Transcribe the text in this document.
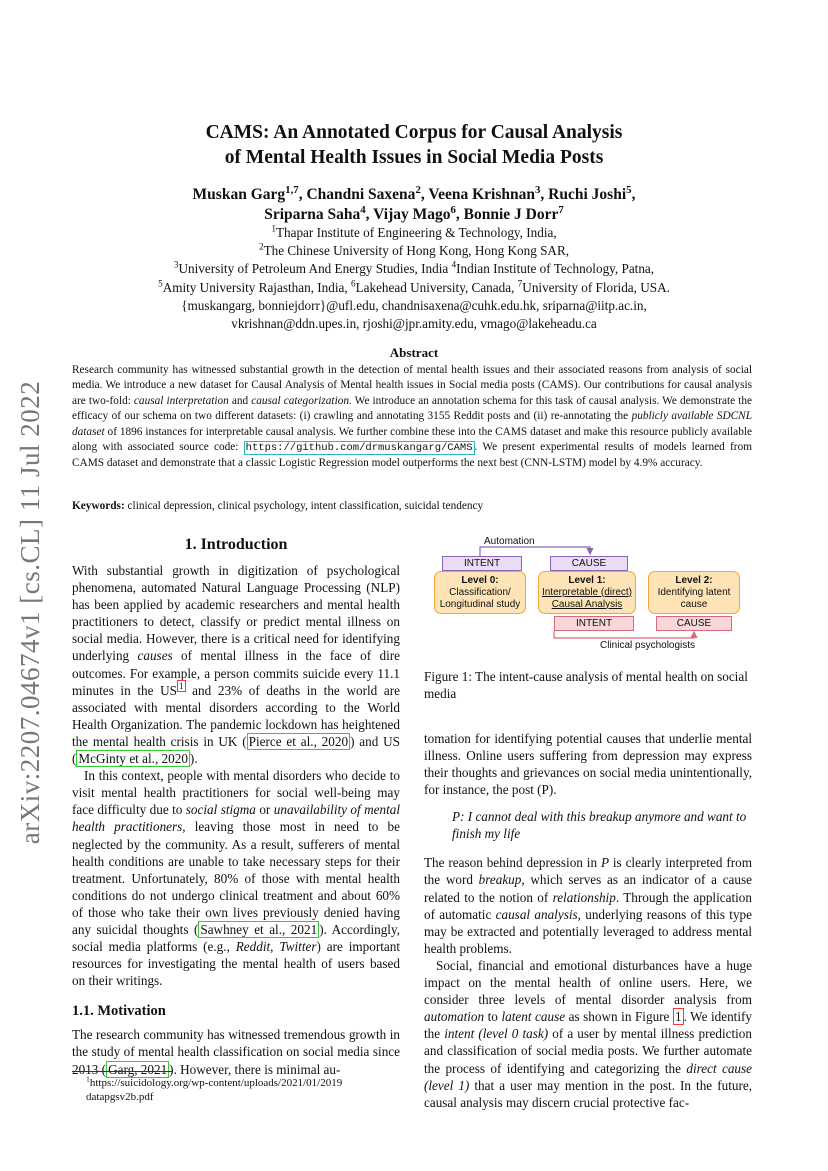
arXiv:2207.04674v1 [cs.CL] 11 Jul 2022
CAMS: An Annotated Corpus for Causal Analysis
of Mental Health Issues in Social Media Posts
Muskan Garg$^{1,7}$, Chandni Saxena$^2$, Veena Krishnan$^3$, Ruchi Joshi$^5$,
Sriparna Saha$^4$, Vijay Mago$^6$, Bonnie J Dorr$^7$
$^1$Thapar Institute of Engineering & Technology, India,
$^2$The Chinese University of Hong Kong, Hong Kong SAR,
$^3$University of Petroleum And Energy Studies, India $^4$Indian Institute of Technology, Patna,
$^5$Amity University Rajasthan, India, $^6$Lakehead University, Canada, $^7$University of Florida, USA.
{muskangarg, bonniejdorr}@ufl.edu, chandnisaxena@cuhk.edu.hk, sriparna@iitp.ac.in,
vkrishnan@ddn.upes.in, rjoshi@jpr.amity.edu, vmago@lakeheadu.ca
Abstract
Research community has witnessed substantial growth in the detection of mental health issues and their associated reasons from analysis of social media. We introduce a new dataset for Causal Analysis of Mental health issues in Social media posts (CAMS). Our contributions for causal analysis are two-fold: causal interpretation and causal categorization. We introduce an annotation schema for this task of causal analysis. We demonstrate the efficacy of our schema on two different datasets: (i) crawling and annotating 3155 Reddit posts and (ii) re-annotating the publicly available SDCNL dataset of 1896 instances for interpretable causal analysis. We further combine these into the CAMS dataset and make this resource publicly available along with associated source code: https://github.com/drmuskangarg/CAMS . We present experimental results of models learned from CAMS dataset and demonstrate that a classic Logistic Regression model outperforms the next best (CNN-LSTM) model by 4.9% accuracy.
Keywords: clinical depression, clinical psychology, intent classification, suicidal tendency
1. Introduction

With substantial growth in digitization of psychological phenomena, automated Natural Language Processing (NLP) has been applied by academic researchers and mental health practitioners to detect, classify or predict mental illness on social media. However, there is a critical need for identifying underlying causes of mental illness in the face of dire outcomes. For example, a person commits suicide every 11.1 minutes in the US $^1$ and 23% of deaths in the world are associated with mental disorders according to the World Health Organization. The pandemic lockdown has heightened the mental health crisis in UK ( Pierce et al., 2020 ) and US ( McGinty et al., 2020 ).

In this context, people with mental disorders who decide to visit mental health practitioners for social well-being may face difficulty due to social stigma or unavailability of mental health practitioners, leaving those most in need to be neglected by the community. As a result, sufferers of mental health conditions are unable to take necessary steps for their treatment. Unfortunately, 80% of those with mental health conditions do not undergo clinical treatment and about 60% of those who take their own lives previously denied having any suicidal thoughts ( Sawhney et al., 2021 ). Accordingly, social media platforms (e.g., Reddit, Twitter) are important resources for investigating the mental health of users based on their writings.

1.1. Motivation

The research community has witnessed tremendous growth in the study of mental health classification on social media since 2013 ( Garg, 2021 ). However, there is minimal au-

$^1$https://suicidology.org/wp-content/uploads/2021/01/2019 datapgsv2b.pdf
Automation
INTENT	CAUSE
Level 0:
Classification/
Longitudinal study
Level 1:
Interpretable (direct)
Causal Analysis
Level 2:
Identifying latent
cause
INTENT	CAUSE
Clinical psychologists
Figure 1: The intent-cause analysis of mental health on social media

tomation for identifying potential causes that underlie mental illness. Online users suffering from depression may express their thoughts and grievances on social media unintentionally, for instance, the post (P).

P: I cannot deal with this breakup anymore and want to finish my life

The reason behind depression in P is clearly interpreted from the word breakup, which serves as an indicator of a cause related to the notion of relationship. Through the application of automatic causal analysis, underlying reasons of this type may be extracted and potentially leveraged to address mental health problems.

Social, financial and emotional disturbances have a huge impact on the mental health of online users. Here, we consider three levels of mental disorder analysis from automation to latent cause as shown in Figure 1 . We identify the intent (level 0 task) of a user by mental illness prediction and classification of social media posts. We further automate the process of identifying and categorizing the direct cause (level 1) that a user may mention in the post. In the future, causal analysis may discern crucial protective fac-
